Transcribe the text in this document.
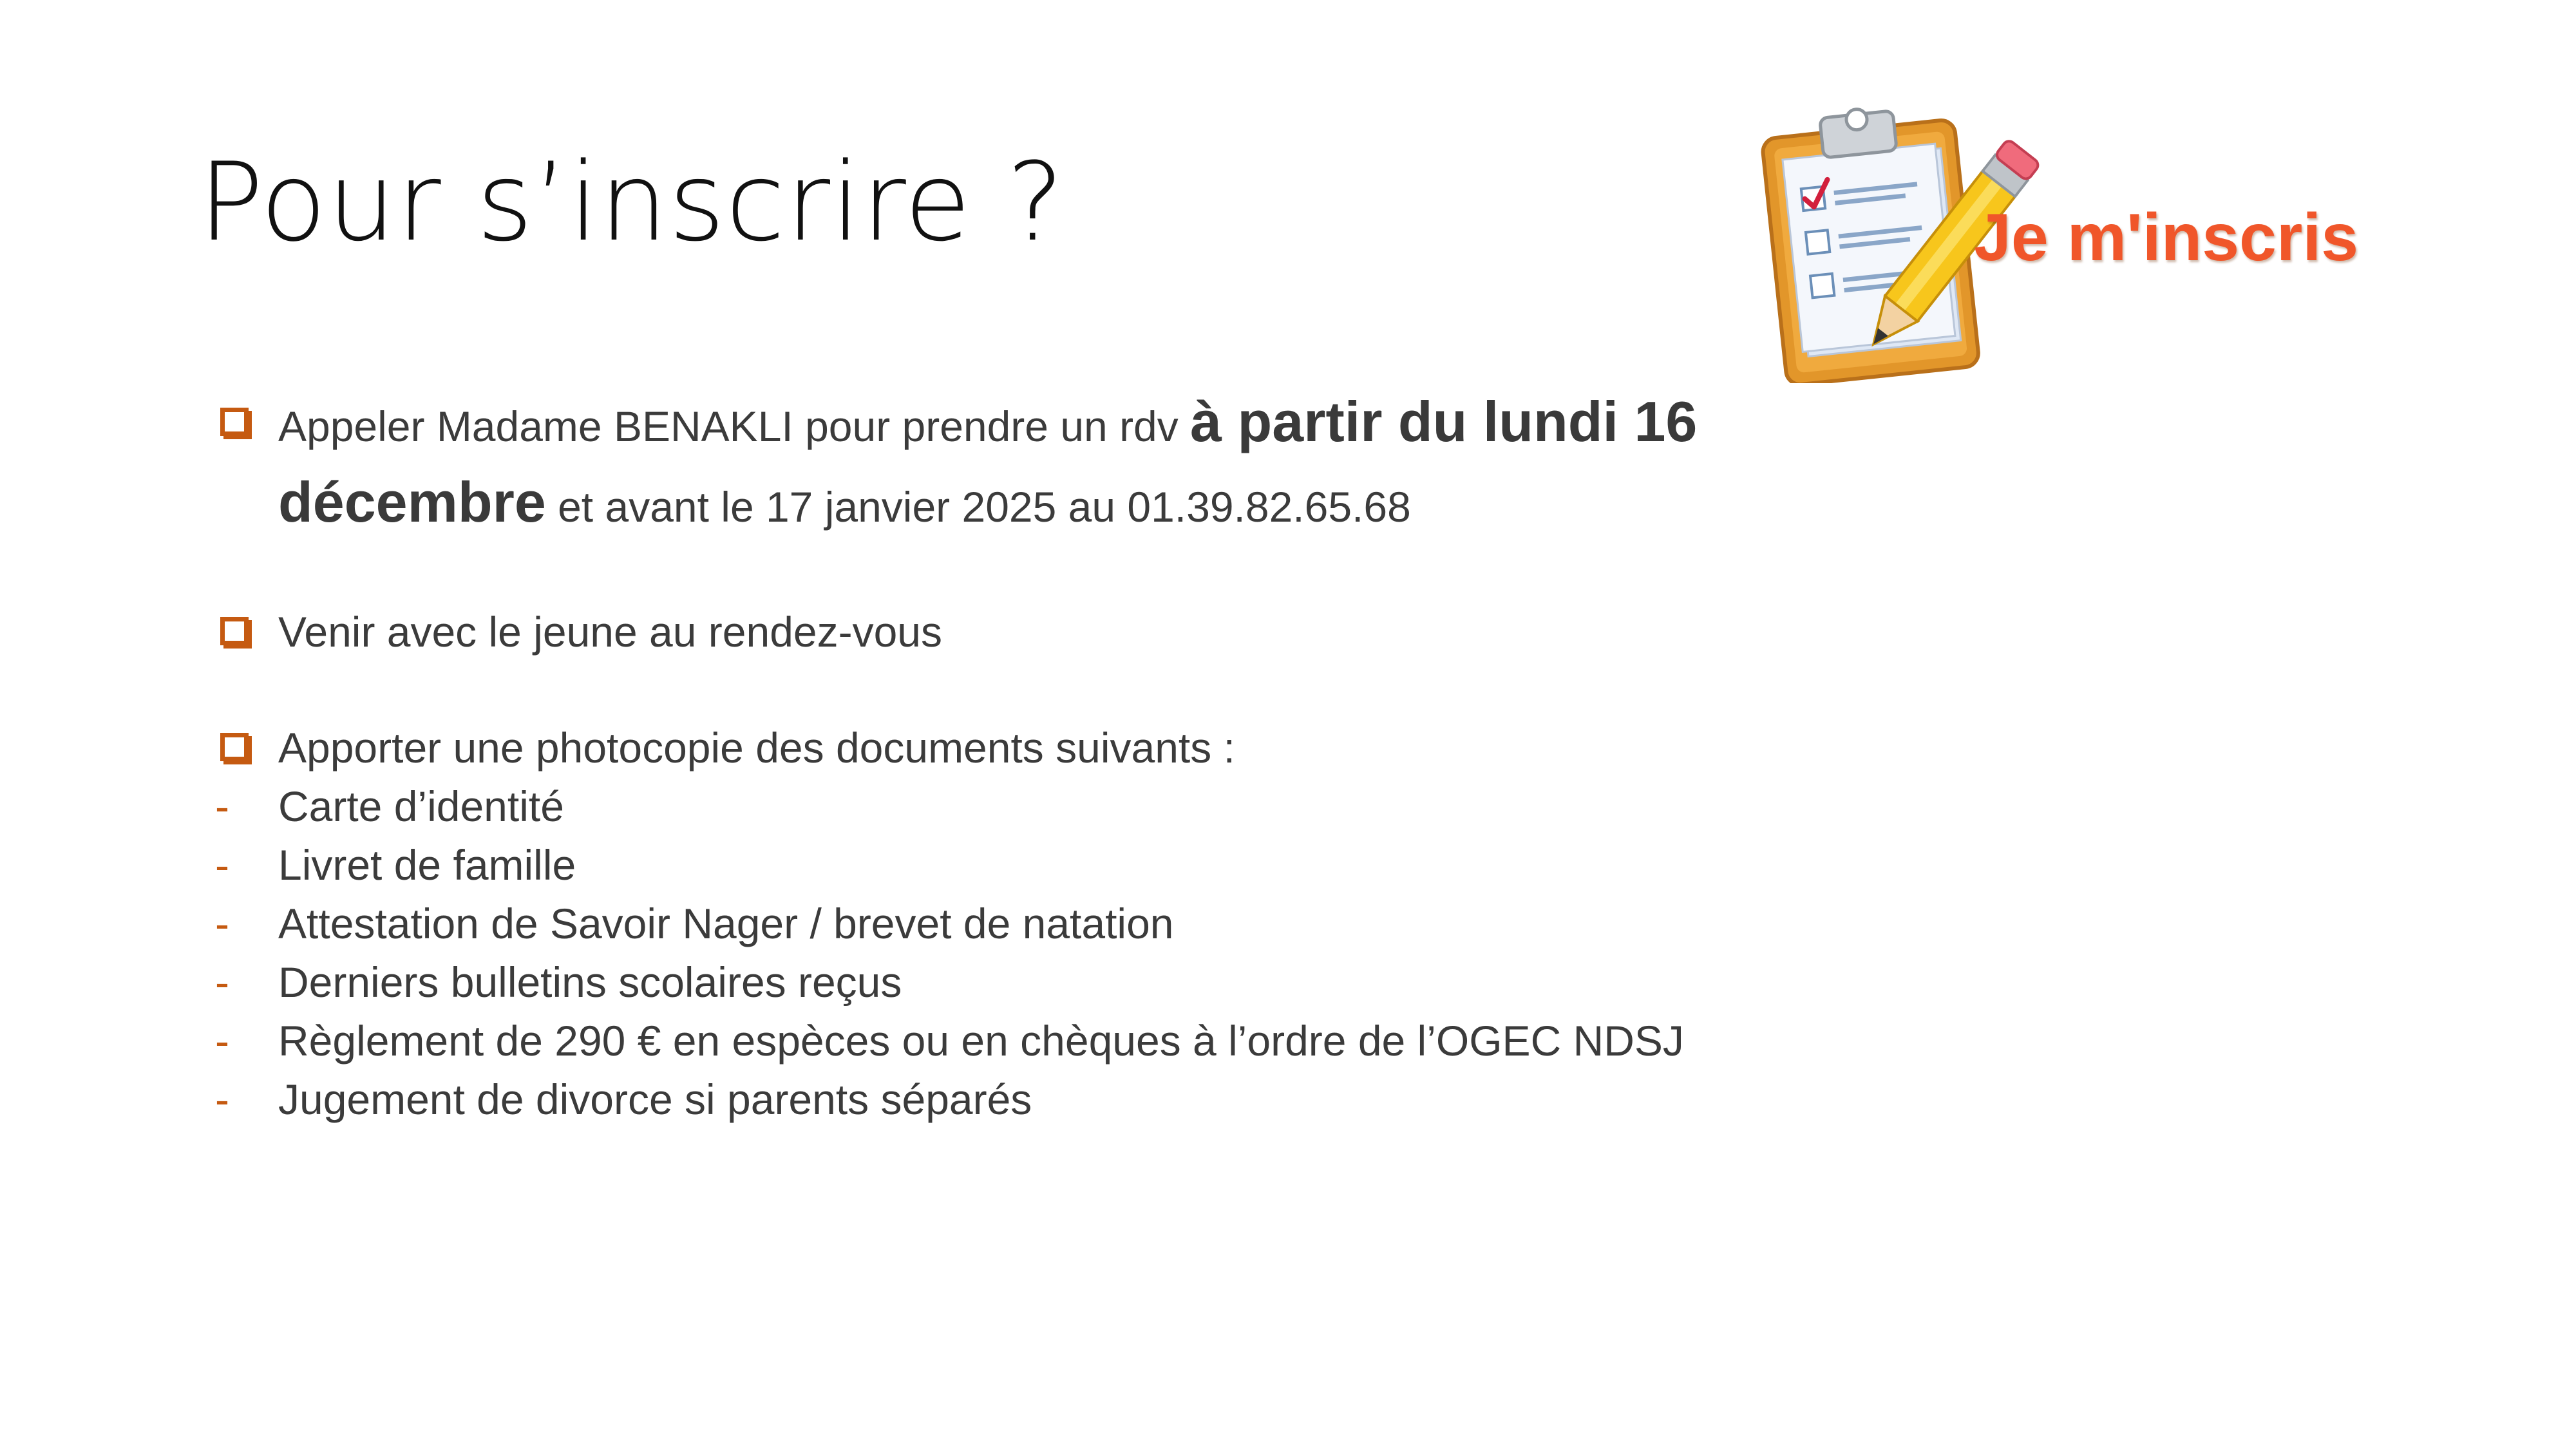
Pour s’inscrire ?	Je m'inscris
Appeler Madame BENAKLI pour prendre un rdv à partir du lundi 16
décembre et avant le 17 janvier 2025 au 01.39.82.65.68
Venir avec le jeune au rendez-vous
Apporter une photocopie des documents suivants :
- Carte d’identité
- Livret de famille
- Attestation de Savoir Nager / brevet de natation
- Derniers bulletins scolaires reçus
- Règlement de 290 € en espèces ou en chèques à l’ordre de l’OGEC NDSJ
- Jugement de divorce si parents séparés
